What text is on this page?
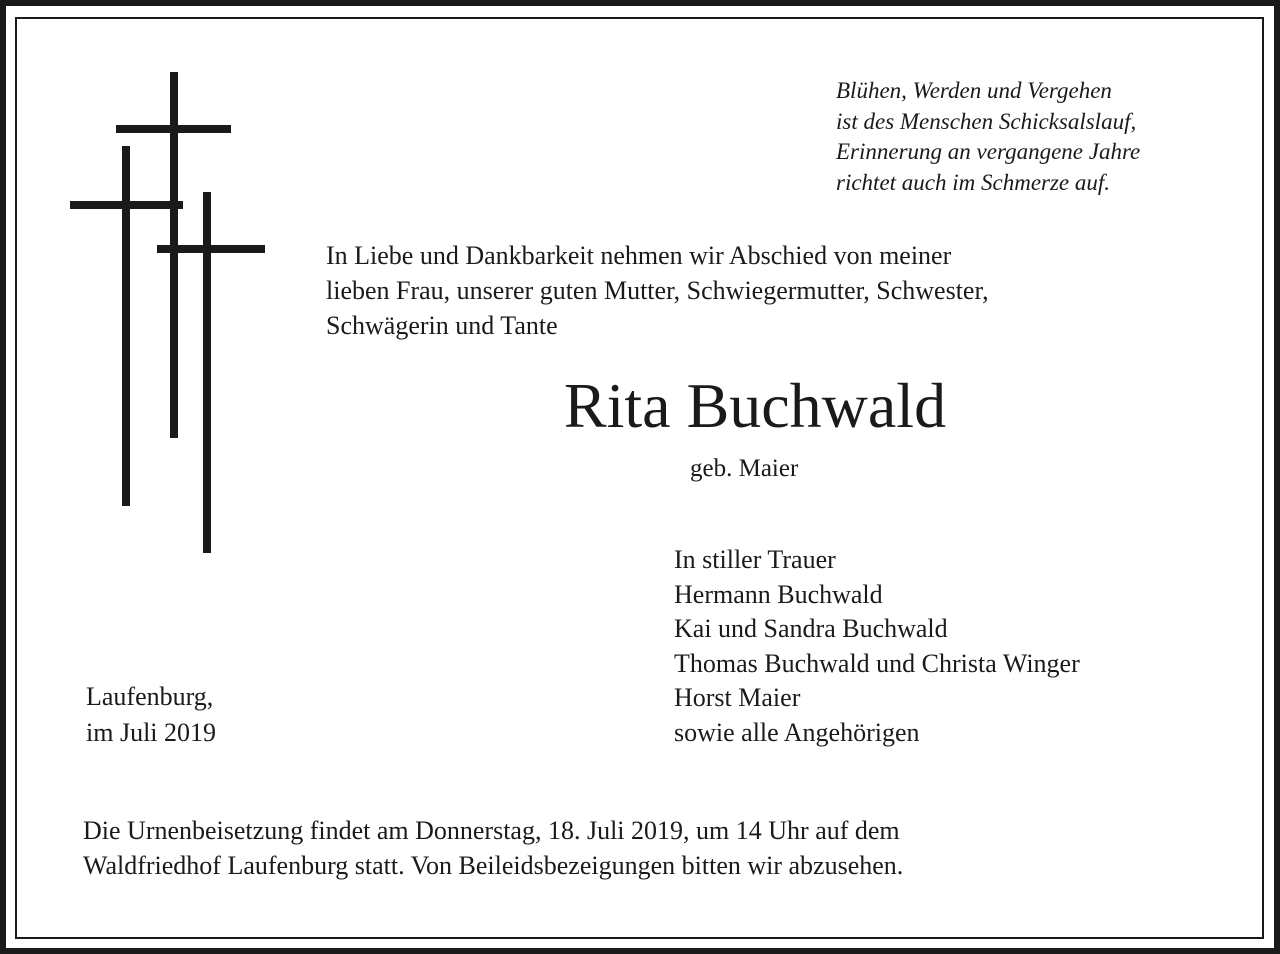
Blühen, Werden und Vergehen
ist des Menschen Schicksalslauf,
Erinnerung an vergangene Jahre
richtet auch im Schmerze auf.
In Liebe und Dankbarkeit nehmen wir Abschied von meiner
lieben Frau, unserer guten Mutter, Schwiegermutter, Schwester,
Schwägerin und Tante
Rita Buchwald
geb. Maier
In stiller Trauer
Hermann Buchwald
Kai und Sandra Buchwald
Thomas Buchwald und Christa Winger
Horst Maier
sowie alle Angehörigen
Laufenburg,
im Juli 2019
Die Urnenbeisetzung findet am Donnerstag, 18. Juli 2019, um 14 Uhr auf dem
Waldfriedhof Laufenburg statt. Von Beileidsbezeigungen bitten wir abzusehen.
